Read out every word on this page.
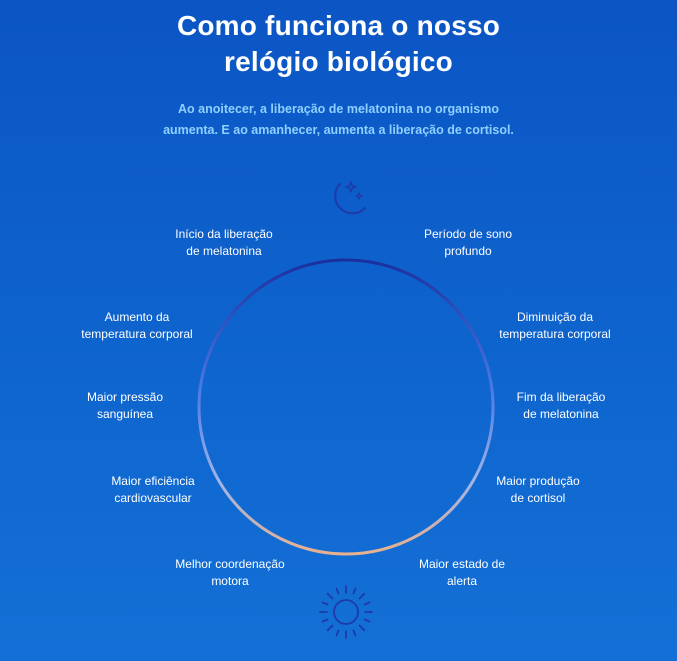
Como funciona o nosso
relógio biológico
Ao anoitecer, a liberação de melatonina no organismo
aumenta. E ao amanhecer, aumenta a liberação de cortisol.
Início da liberação
de melatonina
Aumento da
temperatura corporal
Maior pressão
sanguínea
Maior eficiência
cardiovascular
Melhor coordenação
motora
Período de sono
profundo
Diminuição da
temperatura corporal
Fim da liberação
de melatonina
Maior produção
de cortisol
Maior estado de
alerta
